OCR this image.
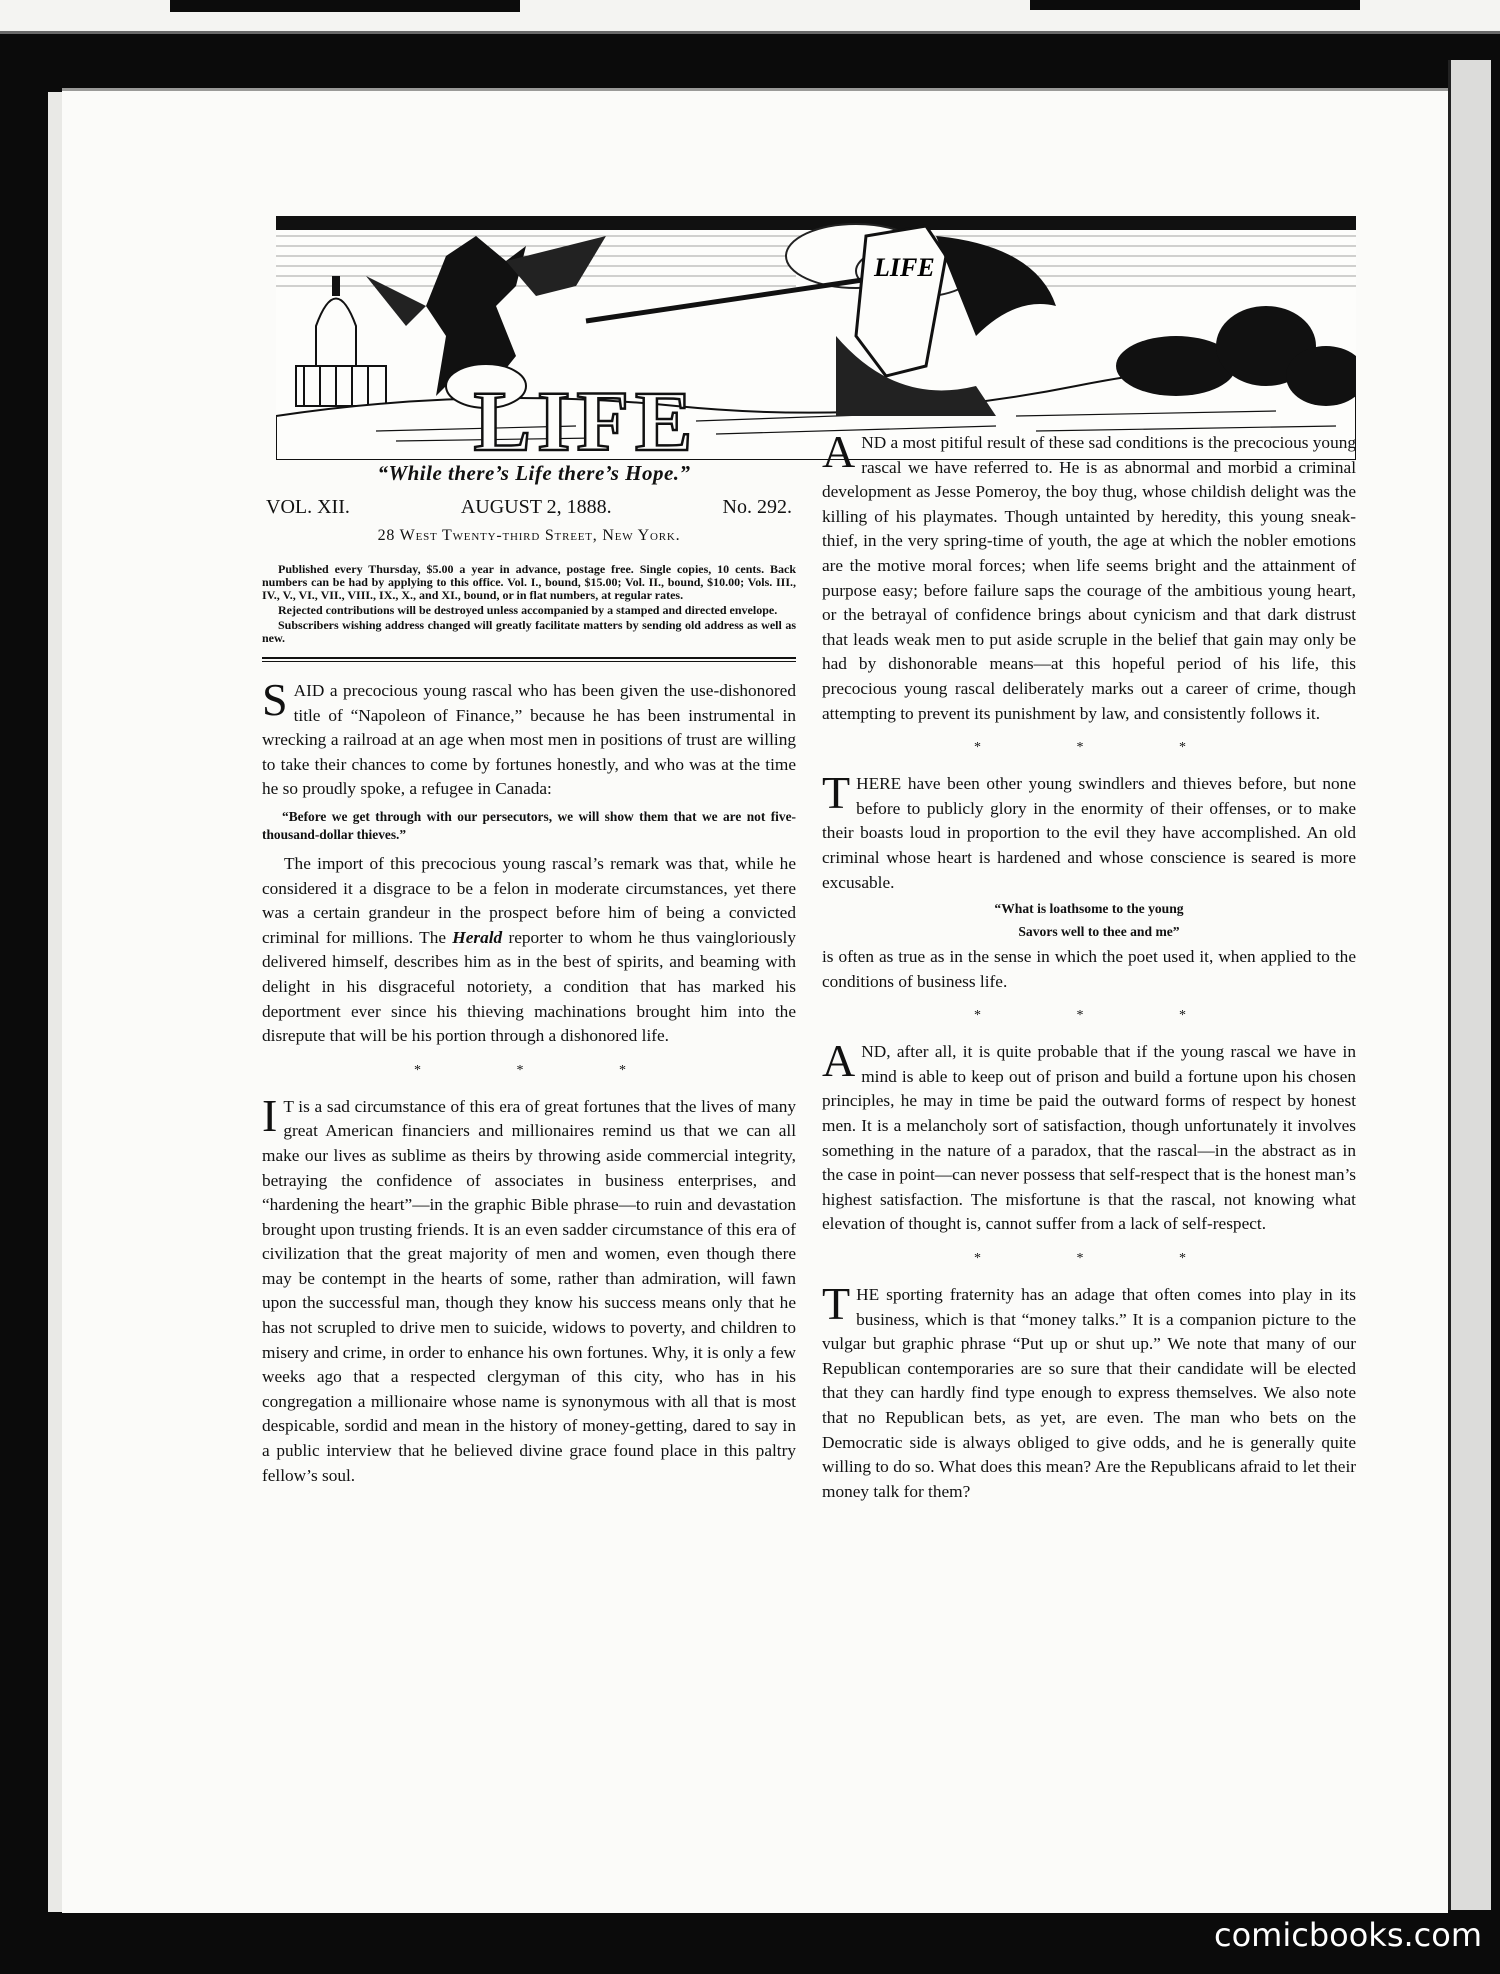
LIFE
LIFE
“While there’s Life there’s Hope.”
VOL. XII.	AUGUST 2, 1888.	No. 292.
28 West Twenty-third Street, New York.

Published every Thursday, $5.00 a year in advance, postage free. Single copies, 10 cents. Back numbers can be had by applying to this office. Vol. I., bound, $15.00; Vol. II., bound, $10.00; Vols. III., IV., V., VI., VII., VIII., IX., X., and XI., bound, or in flat numbers, at regular rates.

Rejected contributions will be destroyed unless accompanied by a stamped and directed envelope.

Subscribers wishing address changed will greatly facilitate matters by sending old address as well as new.

SAID a precocious young rascal who has been given the use-dishonored title of “Napoleon of Finance,” because he has been instrumental in wrecking a railroad at an age when most men in positions of trust are willing to take their chances to come by fortunes honestly, and who was at the time he so proudly spoke, a refugee in Canada:

“Before we get through with our persecutors, we will show them that we are not five-thousand-dollar thieves.”

The import of this precocious young rascal’s remark was that, while he considered it a disgrace to be a felon in moderate circumstances, yet there was a certain grandeur in the prospect before him of being a convicted criminal for millions. The Herald reporter to whom he thus vaingloriously delivered himself, describes him as in the best of spirits, and beaming with delight in his disgraceful notoriety, a condition that has marked his deportment ever since his thieving machinations brought him into the disrepute that will be his portion through a dishonored life.

* * *

I T is a sad circumstance of this era of great fortunes that the lives of many great American financiers and millionaires remind us that we can all make our lives as sublime as theirs by throwing aside commercial integrity, betraying the confidence of associates in business enterprises, and “hardening the heart”—in the graphic Bible phrase—to ruin and devastation brought upon trusting friends. It is an even sadder circumstance of this era of civilization that the great majority of men and women, even though there may be contempt in the hearts of some, rather than admiration, will fawn upon the successful man, though they know his success means only that he has not scrupled to drive men to suicide, widows to poverty, and children to misery and crime, in order to enhance his own fortunes. Why, it is only a few weeks ago that a respected clergyman of this city, who has in his congregation a millionaire whose name is synonymous with all that is most despicable, sordid and mean in the history of money-getting, dared to say in a public interview that he believed divine grace found place in this paltry fellow’s soul.

AND a most pitiful result of these sad conditions is the precocious young rascal we have referred to. He is as abnormal and morbid a criminal development as Jesse Pomeroy, the boy thug, whose childish delight was the killing of his playmates. Though untainted by heredity, this young sneak-thief, in the very spring-time of youth, the age at which the nobler emotions are the motive moral forces; when life seems bright and the attainment of purpose easy; before failure saps the courage of the ambitious young heart, or the betrayal of confidence brings about cynicism and that dark distrust that leads weak men to put aside scruple in the belief that gain may only be had by dishonorable means—at this hopeful period of his life, this precocious young rascal deliberately marks out a career of crime, though attempting to prevent its punishment by law, and consistently follows it.

* * *

THERE have been other young swindlers and thieves before, but none before to publicly glory in the enormity of their offenses, or to make their boasts loud in proportion to the evil they have accomplished. An old criminal whose heart is hardened and whose conscience is seared is more excusable.

“What is loathsome to the young
Savors well to thee and me”

is often as true as in the sense in which the poet used it, when applied to the conditions of business life.

* * *

AND, after all, it is quite probable that if the young rascal we have in mind is able to keep out of prison and build a fortune upon his chosen principles, he may in time be paid the outward forms of respect by honest men. It is a melancholy sort of satisfaction, though unfortunately it involves something in the nature of a paradox, that the rascal—in the abstract as in the case in point—can never possess that self-respect that is the honest man’s highest satisfaction. The misfortune is that the rascal, not knowing what elevation of thought is, cannot suffer from a lack of self-respect.

* * *

THE sporting fraternity has an adage that often comes into play in its business, which is that “money talks.” It is a companion picture to the vulgar but graphic phrase “Put up or shut up.” We note that many of our Republican contemporaries are so sure that their candidate will be elected that they can hardly find type enough to express themselves. We also note that no Republican bets, as yet, are even. The man who bets on the Democratic side is always obliged to give odds, and he is generally quite willing to do so. What does this mean? Are the Republicans afraid to let their money talk for them?

comicbooks.com
